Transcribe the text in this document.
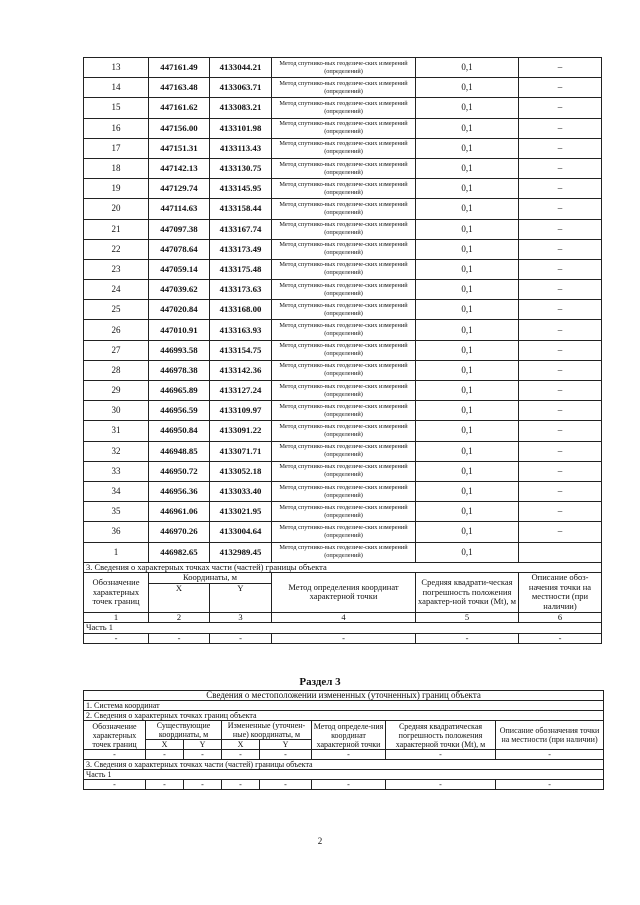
13	447161.49	4133044.21	Метод спутнико-вых геодезиче-ских измерений (определений)	0,1	–
14	447163.48	4133063.71	Метод спутнико-вых геодезиче-ских измерений (определений)	0,1	–
15	447161.62	4133083.21	Метод спутнико-вых геодезиче-ских измерений (определений)	0,1	–
16	447156.00	4133101.98	Метод спутнико-вых геодезиче-ских измерений (определений)	0,1	–
17	447151.31	4133113.43	Метод спутнико-вых геодезиче-ских измерений (определений)	0,1	–
18	447142.13	4133130.75	Метод спутнико-вых геодезиче-ских измерений (определений)	0,1	–
19	447129.74	4133145.95	Метод спутнико-вых геодезиче-ских измерений (определений)	0,1	–
20	447114.63	4133158.44	Метод спутнико-вых геодезиче-ских измерений (определений)	0,1	–
21	447097.38	4133167.74	Метод спутнико-вых геодезиче-ских измерений (определений)	0,1	–
22	447078.64	4133173.49	Метод спутнико-вых геодезиче-ских измерений (определений)	0,1	–
23	447059.14	4133175.48	Метод спутнико-вых геодезиче-ских измерений (определений)	0,1	–
24	447039.62	4133173.63	Метод спутнико-вых геодезиче-ских измерений (определений)	0,1	–
25	447020.84	4133168.00	Метод спутнико-вых геодезиче-ских измерений (определений)	0,1	–
26	447010.91	4133163.93	Метод спутнико-вых геодезиче-ских измерений (определений)	0,1	–
27	446993.58	4133154.75	Метод спутнико-вых геодезиче-ских измерений (определений)	0,1	–
28	446978.38	4133142.36	Метод спутнико-вых геодезиче-ских измерений (определений)	0,1	–
29	446965.89	4133127.24	Метод спутнико-вых геодезиче-ских измерений (определений)	0,1	–
30	446956.59	4133109.97	Метод спутнико-вых геодезиче-ских измерений (определений)	0,1	–
31	446950.84	4133091.22	Метод спутнико-вых геодезиче-ских измерений (определений)	0,1	–
32	446948.85	4133071.71	Метод спутнико-вых геодезиче-ских измерений (определений)	0,1	–
33	446950.72	4133052.18	Метод спутнико-вых геодезиче-ских измерений (определений)	0,1	–
34	446956.36	4133033.40	Метод спутнико-вых геодезиче-ских измерений (определений)	0,1	–
35	446961.06	4133021.95	Метод спутнико-вых геодезиче-ских измерений (определений)	0,1	–
36	446970.26	4133004.64	Метод спутнико-вых геодезиче-ских измерений (определений)	0,1	–
1	446982.65	4132989.45	Метод спутнико-вых геодезиче-ских измерений (определений)	0,1	
3. Сведения о характерных точках части (частей) границы объекта					
Обозначение характерных точек границ	Координаты, м		Метод определения координат характерной точки	Средняя квадрати-ческая погрешность положения характер-ной точки (Мt), м	Описание обоз-начения точки на местности (при наличии)
	X	Y			
1	2	3	4	5	6
Часть 1					
-	-	-	-	-	-
Раздел 3
Сведения о местоположении измененных (уточненных) границ объекта							
1. Система координат							
2. Сведения о характерных точках границ объекта							
Обозначение характерных точек границ	Существующие координаты, м		Измененные (уточнен-ные) координаты, м		Метод определе-ния координат характерной точки	Средняя квадратическая погрешность положения характерной точки (Мt), м	Описание обозначения точки на местности (при наличии)
	X	Y	X	Y			
-	-	-	-	-	-	-	-
3. Сведения о характерных точках части (частей) границы объекта							
Часть 1							
-	-	-	-	-	-	-	-
2
